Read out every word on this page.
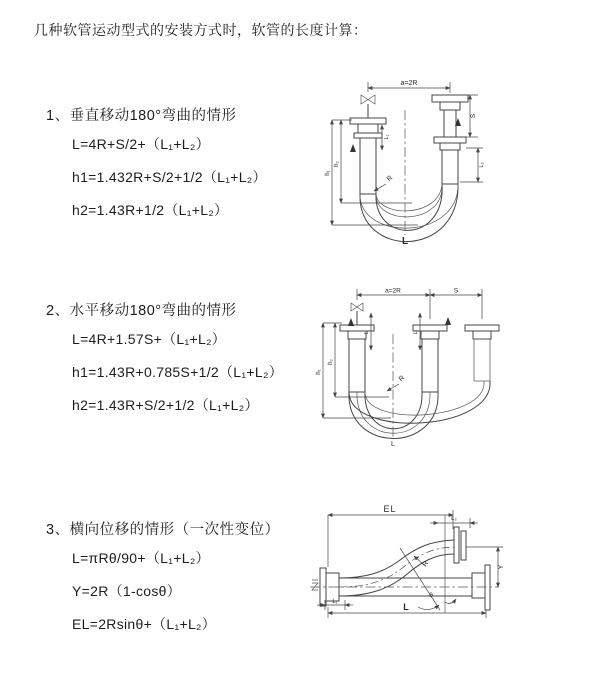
几种软管运动型式的安装方式时，软管的长度计算：
1、垂直移动180°弯曲的情形
L=4R+S/2+（L₁+L₂）
h1=1.432R+S/2+1/2（L₁+L₂）
h2=1.43R+1/2（L₁+L₂）
2、水平移动180°弯曲的情形
L=4R+1.57S+（L₁+L₂）
h1=1.43R+0.785S+1/2（L₁+L₂）
h2=1.43R+S/2+1/2（L₁+L₂）
3、横向位移的情形（一次性变位）
L=πRθ/90+（L₁+L₂）
Y=2R（1-cosθ）
EL=2Rsinθ+（L₁+L₂）
a=2R
L
h₁
h₂
L₁
S
L₂
R
a=2R	S
L₁	L₂
L
h₁
h₂
R
EL
L₂
θ
R	Y
L₁	L
